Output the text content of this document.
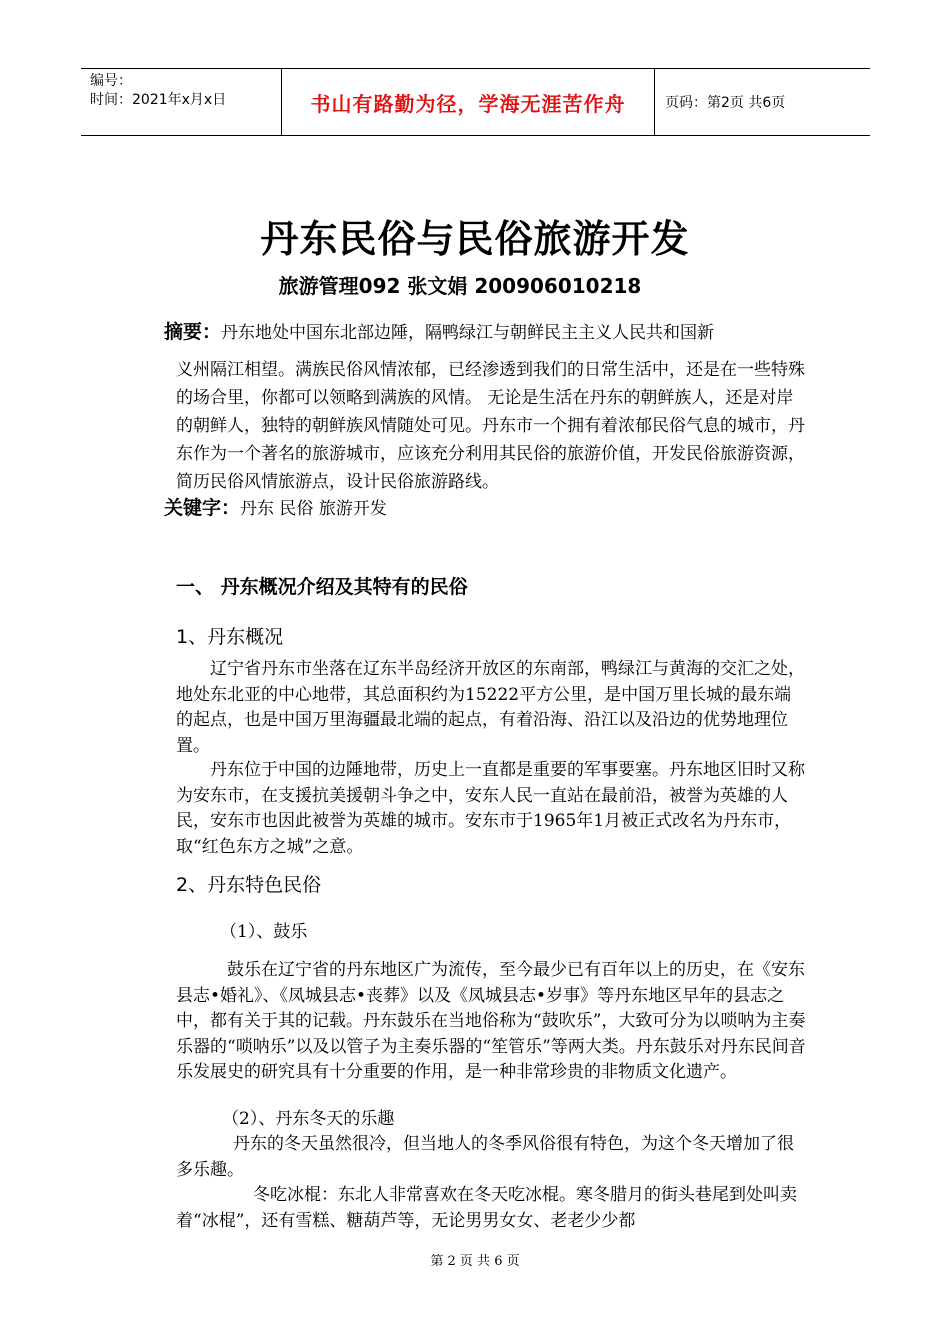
编号：
时间：2021年x月x日	书山有路勤为径，学海无涯苦作舟	页码：第2页 共6页
丹东民俗与民俗旅游开发
旅游管理092 张文娟 200906010218

摘要：丹东地处中国东北部边陲，隔鸭绿江与朝鲜民主主义人民共和国新

义州隔江相望。满族民俗风情浓郁，已经渗透到我们的日常生活中，还是在一些特殊的场合里，你都可以领略到满族的风情。 无论是生活在丹东的朝鲜族人，还是对岸的朝鲜人，独特的朝鲜族风情随处可见。丹东市一个拥有着浓郁民俗气息的城市，丹东作为一个著名的旅游城市，应该充分利用其民俗的旅游价值，开发民俗旅游资源，简历民俗风情旅游点，设计民俗旅游路线。
关键字：丹东 民俗 旅游开发
一、 丹东概况介绍及其特有的民俗
1、丹东概况
辽宁省丹东市坐落在辽东半岛经济开放区的东南部，鸭绿江与黄海的交汇之处，地处东北亚的中心地带，其总面积约为15222平方公里，是中国万里长城的最东端的起点，也是中国万里海疆最北端的起点，有着沿海、沿江以及沿边的优势地理位置。
丹东位于中国的边陲地带，历史上一直都是重要的军事要塞。丹东地区旧时又称为安东市，在支援抗美援朝斗争之中，安东人民一直站在最前沿，被誉为英雄的人民，安东市也因此被誉为英雄的城市。安东市于1965年1月被正式改名为丹东市，取“红色东方之城”之意。
2、丹东特色民俗
（1）、鼓乐
鼓乐在辽宁省的丹东地区广为流传，至今最少已有百年以上的历史，在《安东县志•婚礼》、《凤城县志•丧葬》以及《凤城县志•岁事》等丹东地区早年的县志之中，都有关于其的记载。丹东鼓乐在当地俗称为“鼓吹乐”，大致可分为以唢呐为主奏乐器的“唢呐乐”以及以管子为主奏乐器的“笙管乐”等两大类。丹东鼓乐对丹东民间音乐发展史的研究具有十分重要的作用，是一种非常珍贵的非物质文化遗产。
（2）、丹东冬天的乐趣
丹东的冬天虽然很冷，但当地人的冬季风俗很有特色，为这个冬天增加了很多乐趣。
冬吃冰棍：东北人非常喜欢在冬天吃冰棍。寒冬腊月的街头巷尾到处叫卖着“冰棍”，还有雪糕、糖葫芦等，无论男男女女、老老少少都
第 2 页 共 6 页
